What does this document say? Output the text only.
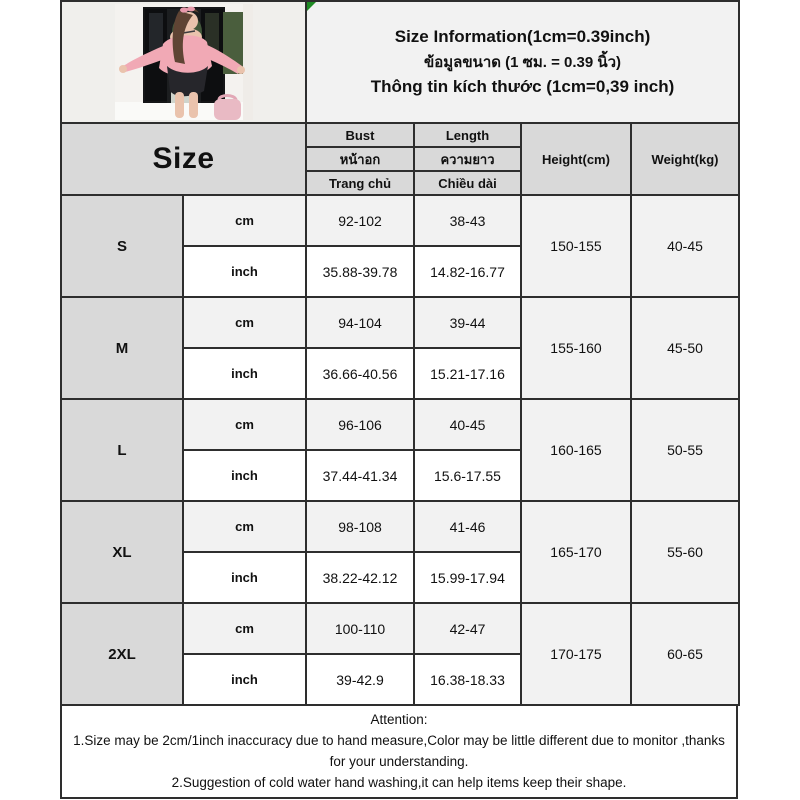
Size Information(1cm=0.39inch)
ข้อมูลขนาด (1 ซม. = 0.39 นิ้ว)
Thông tin kích thước (1cm=0,39 inch)			

Size		Bust	Length	Height(cm)	Weight(kg)
		หน้าอก	ความยาว		
		Trang chủ	Chiều dài		
S	cm	92-102	38-43	150-155	40-45
	inch	35.88-39.78	14.82-16.77		
M	cm	94-104	39-44	155-160	45-50
	inch	36.66-40.56	15.21-17.16		
L	cm	96-106	40-45	160-165	50-55
	inch	37.44-41.34	15.6-17.55		
XL	cm	98-108	41-46	165-170	55-60
	inch	38.22-42.12	15.99-17.94		
2XL	cm	100-110	42-47	170-175	60-65
	inch	39-42.9	16.38-18.33		
Attention:
1.Size may be 2cm/1inch inaccuracy due to hand measure,Color may be little different due to monitor ,thanks for your understanding.
2.Suggestion of cold water hand washing,it can help items keep their shape.
